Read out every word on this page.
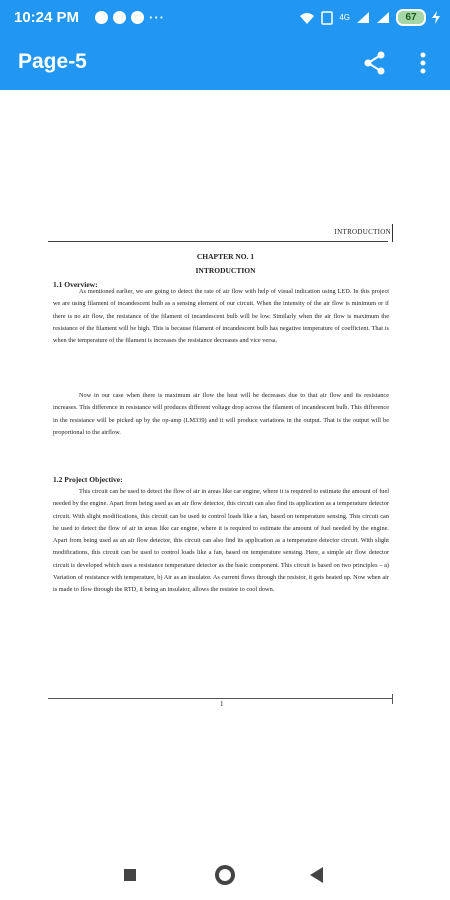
10:24 PM	···	4G	67
Page-5
INTRODUCTION
CHAPTER NO. 1
INTRODUCTION
1.1 Overview:

As mentioned earlier, we are going to detect the rate of air flow with help of visual indication using LED. In this project we are using filament of incandescent bulb as a sensing element of our circuit. When the intensity of the air flow is minimum or if there is no air flow, the resistance of the filament of incandescent bulb will be low. Similarly when the air flow is maximum the resistance of the filament will be high. This is because filament of incandescent bulb has negative temperature of coefficient. That is when the temperature of the filament is increases the resistance decreases and vice versa.

Now in our case when there is maximum air flow the heat will be decreases due to that air flow and its resistance increases. This difference in resistance will produces different voltage drop across the filament of incandescent bulb. This difference in the resistance will be picked up by the op-amp (LM339) and it will produce variations in the output. That is the output will be proportional to the airflow.

1.2 Project Objective:

This circuit can be used to detect the flow of air in areas like car engine, where it is required to estimate the amount of fuel needed by the engine. Apart from being used as an air flow detector, this circuit can also find its application as a temperature detector circuit. With slight modifications, this circuit can be used to control loads like a fan, based on temperature sensing. This circuit can be used to detect the flow of air in areas like car engine, where it is required to estimate the amount of fuel needed by the engine. Apart from being used as an air flow detector, this circuit can also find its application as a temperature detector circuit. With slight modifications, this circuit can be used to control loads like a fan, based on temperature sensing. Here, a simple air flow detector circuit is developed which uses a resistance temperature detector as the basic component. This circuit is based on two principles – a) Variation of resistance with temperature, b) Air as an insulator. As current flows through the resistor, it gets heated up. Now when air is made to flow through the RTD, it being an insulator, allows the resistor to cool down.

1
